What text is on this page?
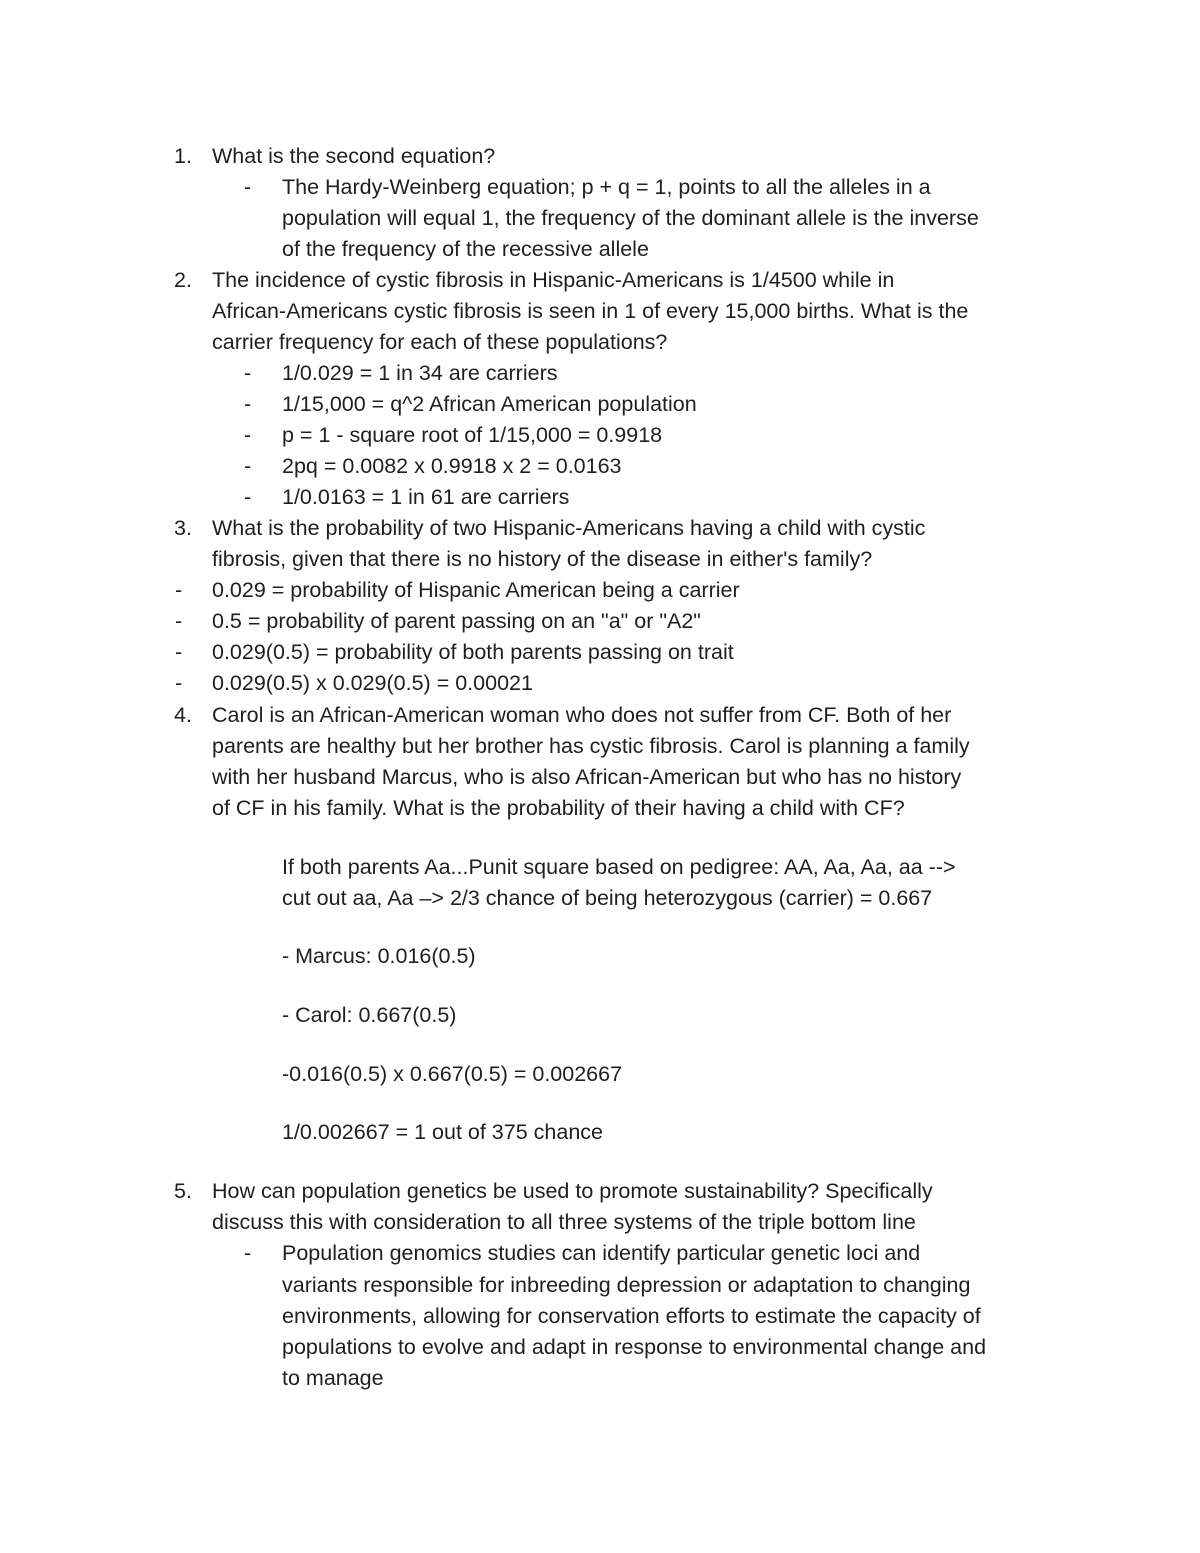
1. What is the second equation?
- The Hardy-Weinberg equation; p + q = 1, points to all the alleles in a
population will equal 1, the frequency of the dominant allele is the inverse
of the frequency of the recessive allele
2. The incidence of cystic fibrosis in Hispanic-Americans is 1/4500 while in
African-Americans cystic fibrosis is seen in 1 of every 15,000 births. What is the
carrier frequency for each of these populations?
- 1/0.029 = 1 in 34 are carriers
- 1/15,000 = q^2 African American population
- p = 1 - square root of 1/15,000 = 0.9918
- 2pq = 0.0082 x 0.9918 x 2 = 0.0163
- 1/0.0163 = 1 in 61 are carriers
3. What is the probability of two Hispanic-Americans having a child with cystic
fibrosis, given that there is no history of the disease in either's family?
- 0.029 = probability of Hispanic American being a carrier
- 0.5 = probability of parent passing on an "a" or "A2"
- 0.029(0.5) = probability of both parents passing on trait
- 0.029(0.5) x 0.029(0.5) = 0.00021
4. Carol is an African-American woman who does not suffer from CF. Both of her
parents are healthy but her brother has cystic fibrosis. Carol is planning a family
with her husband Marcus, who is also African-American but who has no history
of CF in his family. What is the probability of their having a child with CF?
If both parents Aa...Punit square based on pedigree: AA, Aa, Aa, aa -->
cut out aa, Aa –> 2/3 chance of being heterozygous (carrier) = 0.667
- Marcus: 0.016(0.5)
- Carol: 0.667(0.5)
-0.016(0.5) x 0.667(0.5) = 0.002667
1/0.002667 = 1 out of 375 chance
5. How can population genetics be used to promote sustainability? Specifically
discuss this with consideration to all three systems of the triple bottom line
- Population genomics studies can identify particular genetic loci and
variants responsible for inbreeding depression or adaptation to changing
environments, allowing for conservation efforts to estimate the capacity of
populations to evolve and adapt in response to environmental change and
to manage
